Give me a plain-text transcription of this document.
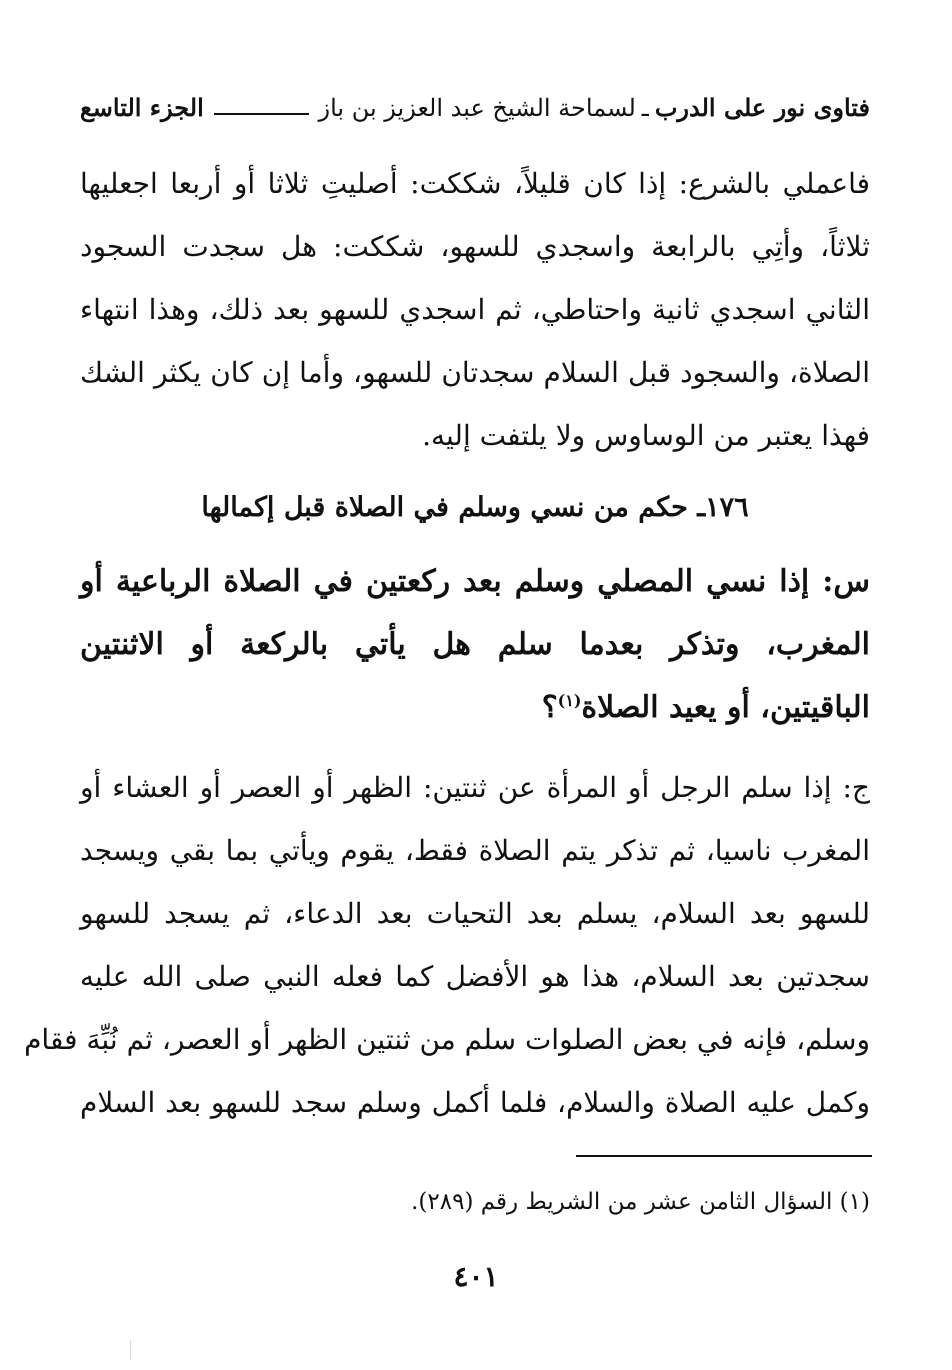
فتاوى نور على الدرب
ـ
لسماحة الشيخ عبد العزيز بن باز
الجزء التاسع
فاعملي بالشرع: إذا كان قليلاً، شككت: أصليتِ ثلاثا أو أربعا اجعليها
ثلاثاً، وأتِي بالرابعة واسجدي للسهو، شككت: هل سجدت السجود
الثاني اسجدي ثانية واحتاطي، ثم اسجدي للسهو بعد ذلك، وهذا انتهاء
الصلاة، والسجود قبل السلام سجدتان للسهو، وأما إن كان يكثر الشك
فهذا يعتبر من الوساوس ولا يلتفت إليه.
١٧٦ـ حكم من نسي وسلم في الصلاة قبل إكمالها
س: إذا نسي المصلي وسلم بعد ركعتين في الصلاة الرباعية أو
المغرب، وتذكر بعدما سلم هل يأتي بالركعة أو الاثنتين
الباقيتين، أو يعيد الصلاة$^{(١)}$؟
ج: إذا سلم الرجل أو المرأة عن ثنتين: الظهر أو العصر أو العشاء أو
المغرب ناسيا، ثم تذكر يتم الصلاة فقط، يقوم ويأتي بما بقي ويسجد
للسهو بعد السلام، يسلم بعد التحيات بعد الدعاء، ثم يسجد للسهو
سجدتين بعد السلام، هذا هو الأفضل كما فعله النبي صلى الله عليه
وسلم، فإنه في بعض الصلوات سلم من ثنتين الظهر أو العصر، ثم نُبِّهَ فقام
وكمل عليه الصلاة والسلام، فلما أكمل وسلم سجد للسهو بعد السلام
(١) السؤال الثامن عشر من الشريط رقم (٢٨٩).
٤٠١
